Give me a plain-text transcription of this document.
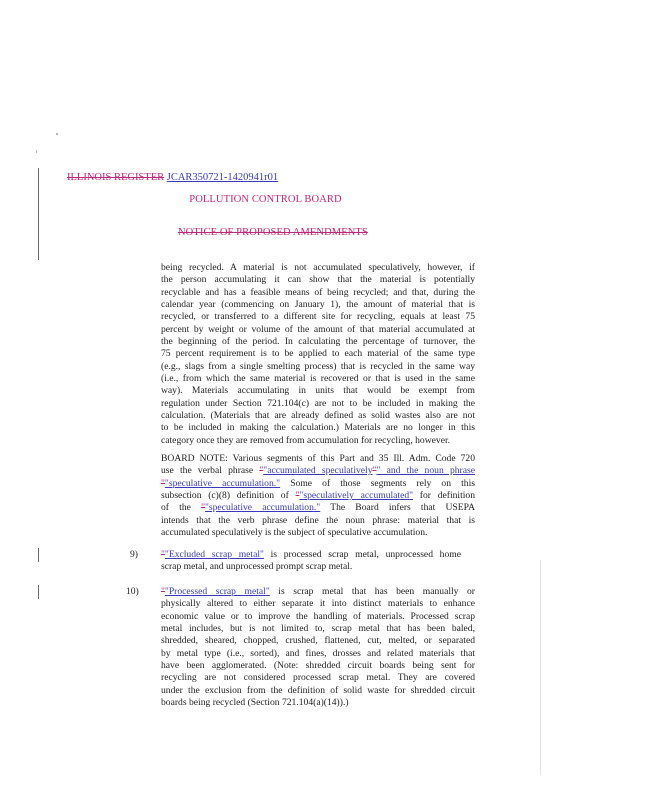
ILLINOIS REGISTER JCAR350721-1420941r01
POLLUTION CONTROL BOARD
NOTICE OF PROPOSED AMENDMENTS
being recycled. A material is not accumulated speculatively, however, if
the person accumulating it can show that the material is potentially
recyclable and has a feasible means of being recycled; and that, during the
calendar year (commencing on January 1), the amount of material that is
recycled, or transferred to a different site for recycling, equals at least 75
percent by weight or volume of the amount of that material accumulated at
the beginning of the period. In calculating the percentage of turnover, the
75 percent requirement is to be applied to each material of the same type
(e.g., slags from a single smelting process) that is recycled in the same way
(i.e., from which the same material is recovered or that is used in the same
way). Materials accumulating in units that would be exempt from
regulation under Section 721.104(c) are not to be included in making the
calculation. (Materials that are already defined as solid wastes also are not
to be included in making the calculation.) Materials are no longer in this
category once they are removed from accumulation for recycling, however.
BOARD NOTE: Various segments of this Part and 35 Ill. Adm. Code 720
use the verbal phrase ""accumulated speculatively"" and the noun phrase
""speculative accumulation." Some of those segments rely on this
subsection (c)(8) definition of ""speculatively accumulated" for definition
of the ""speculative accumulation." The Board infers that USEPA
intends that the verb phrase define the noun phrase: material that is
accumulated speculatively is the subject of speculative accumulation.
9) ""Excluded scrap metal" is processed scrap metal, unprocessed home
scrap metal, and unprocessed prompt scrap metal.
10) ""Processed scrap metal" is scrap metal that has been manually or
physically altered to either separate it into distinct materials to enhance
economic value or to improve the handling of materials. Processed scrap
metal includes, but is not limited to, scrap metal that has been baled,
shredded, sheared, chopped, crushed, flattened, cut, melted, or separated
by metal type (i.e., sorted), and fines, drosses and related materials that
have been agglomerated. (Note: shredded circuit boards being sent for
recycling are not considered processed scrap metal. They are covered
under the exclusion from the definition of solid waste for shredded circuit
boards being recycled (Section 721.104(a)(14)).)
